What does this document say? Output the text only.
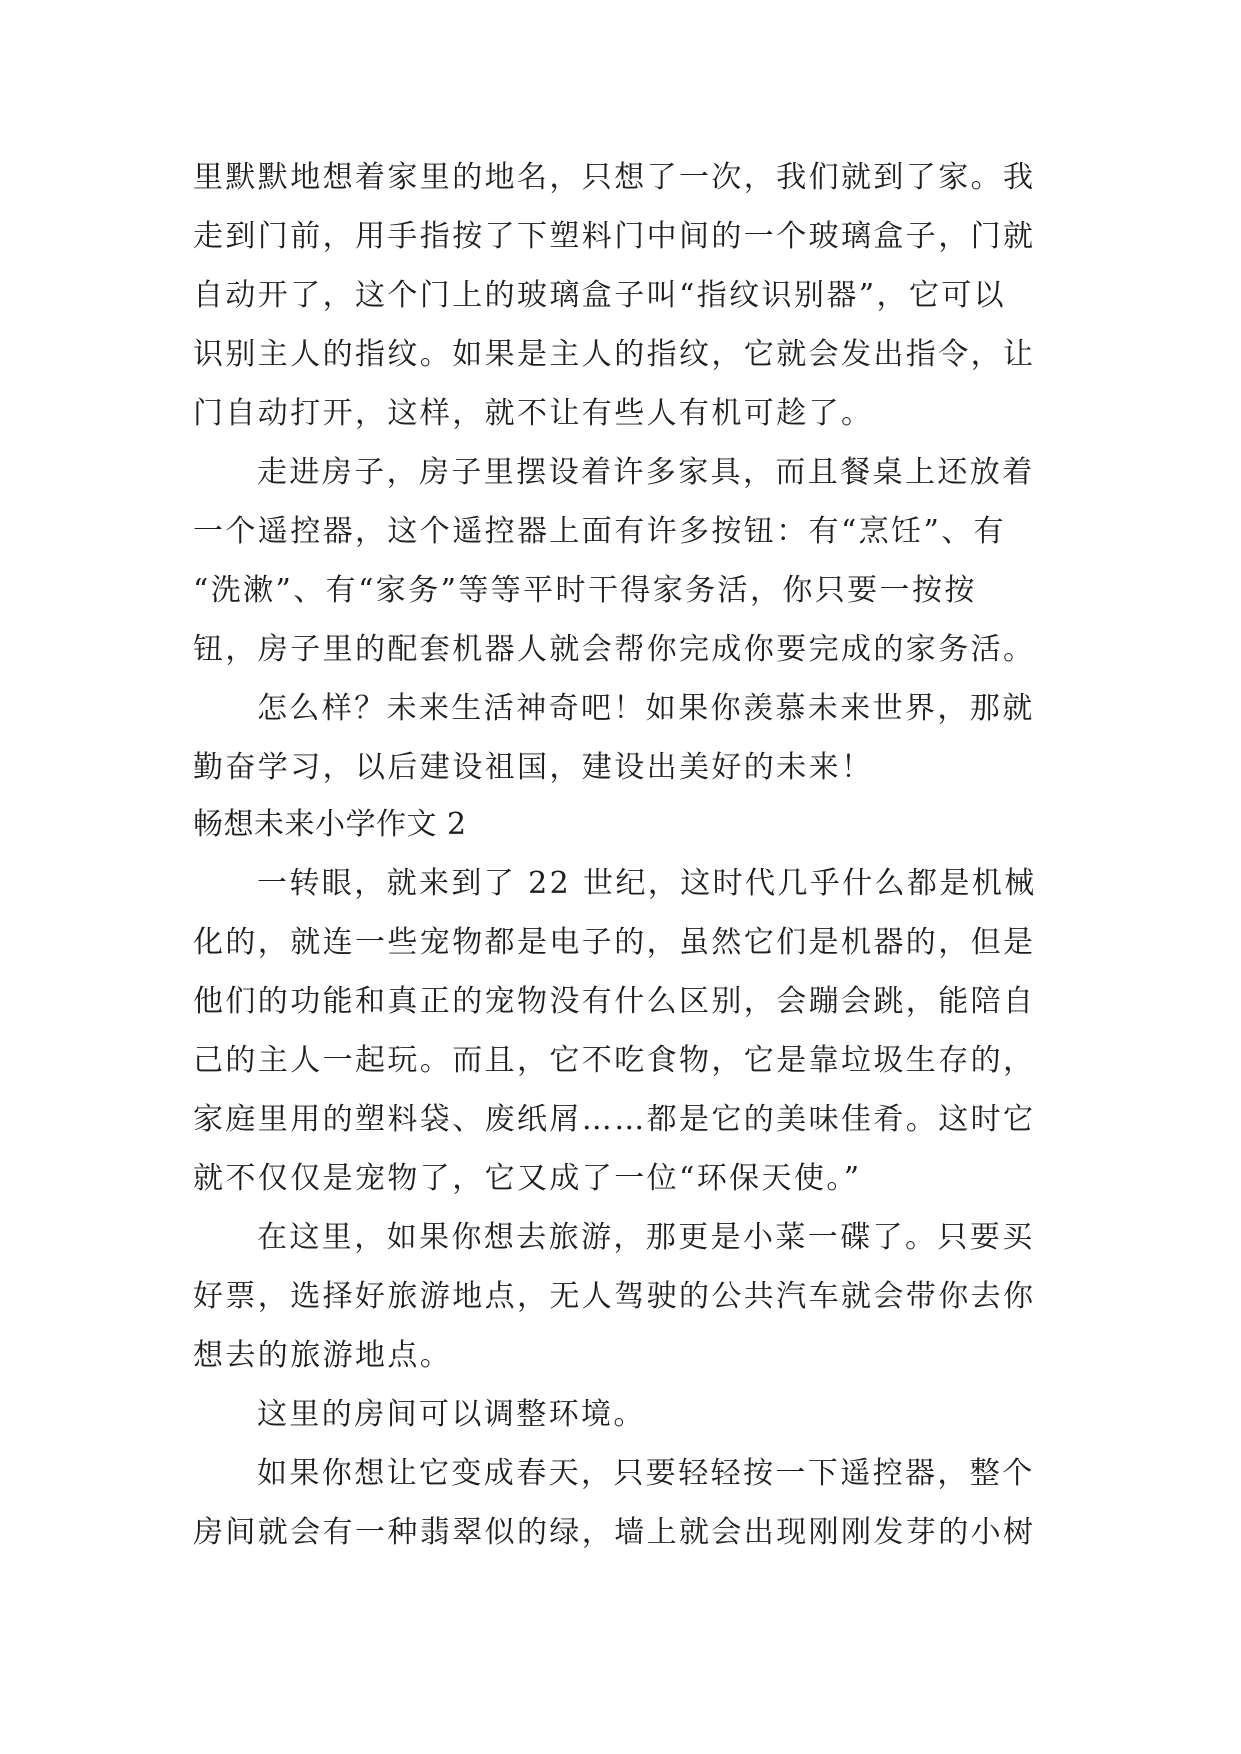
里默默地想着家里的地名，只想了一次，我们就到了家。我
走到门前，用手指按了下塑料门中间的一个玻璃盒子，门就
自动开了，这个门上的玻璃盒子叫“指纹识别器”，它可以
识别主人的指纹。如果是主人的指纹，它就会发出指令，让
门自动打开，这样，就不让有些人有机可趁了。
走进房子，房子里摆设着许多家具，而且餐桌上还放着
一个遥控器，这个遥控器上面有许多按钮：有“烹饪”、有
“洗漱”、有“家务”等等平时干得家务活，你只要一按按
钮，房子里的配套机器人就会帮你完成你要完成的家务活。
怎么样？未来生活神奇吧！如果你羡慕未来世界，那就
勤奋学习，以后建设祖国，建设出美好的未来！
畅想未来小学作文 2
一转眼，就来到了 22 世纪，这时代几乎什么都是机械
化的，就连一些宠物都是电子的，虽然它们是机器的，但是
他们的功能和真正的宠物没有什么区别，会蹦会跳，能陪自
己的主人一起玩。而且，它不吃食物，它是靠垃圾生存的，
家庭里用的塑料袋、废纸屑……都是它的美味佳肴。这时它
就不仅仅是宠物了，它又成了一位“环保天使。”
在这里，如果你想去旅游，那更是小菜一碟了。只要买
好票，选择好旅游地点，无人驾驶的公共汽车就会带你去你
想去的旅游地点。
这里的房间可以调整环境。
如果你想让它变成春天，只要轻轻按一下遥控器，整个
房间就会有一种翡翠似的绿，墙上就会出现刚刚发芽的小树
